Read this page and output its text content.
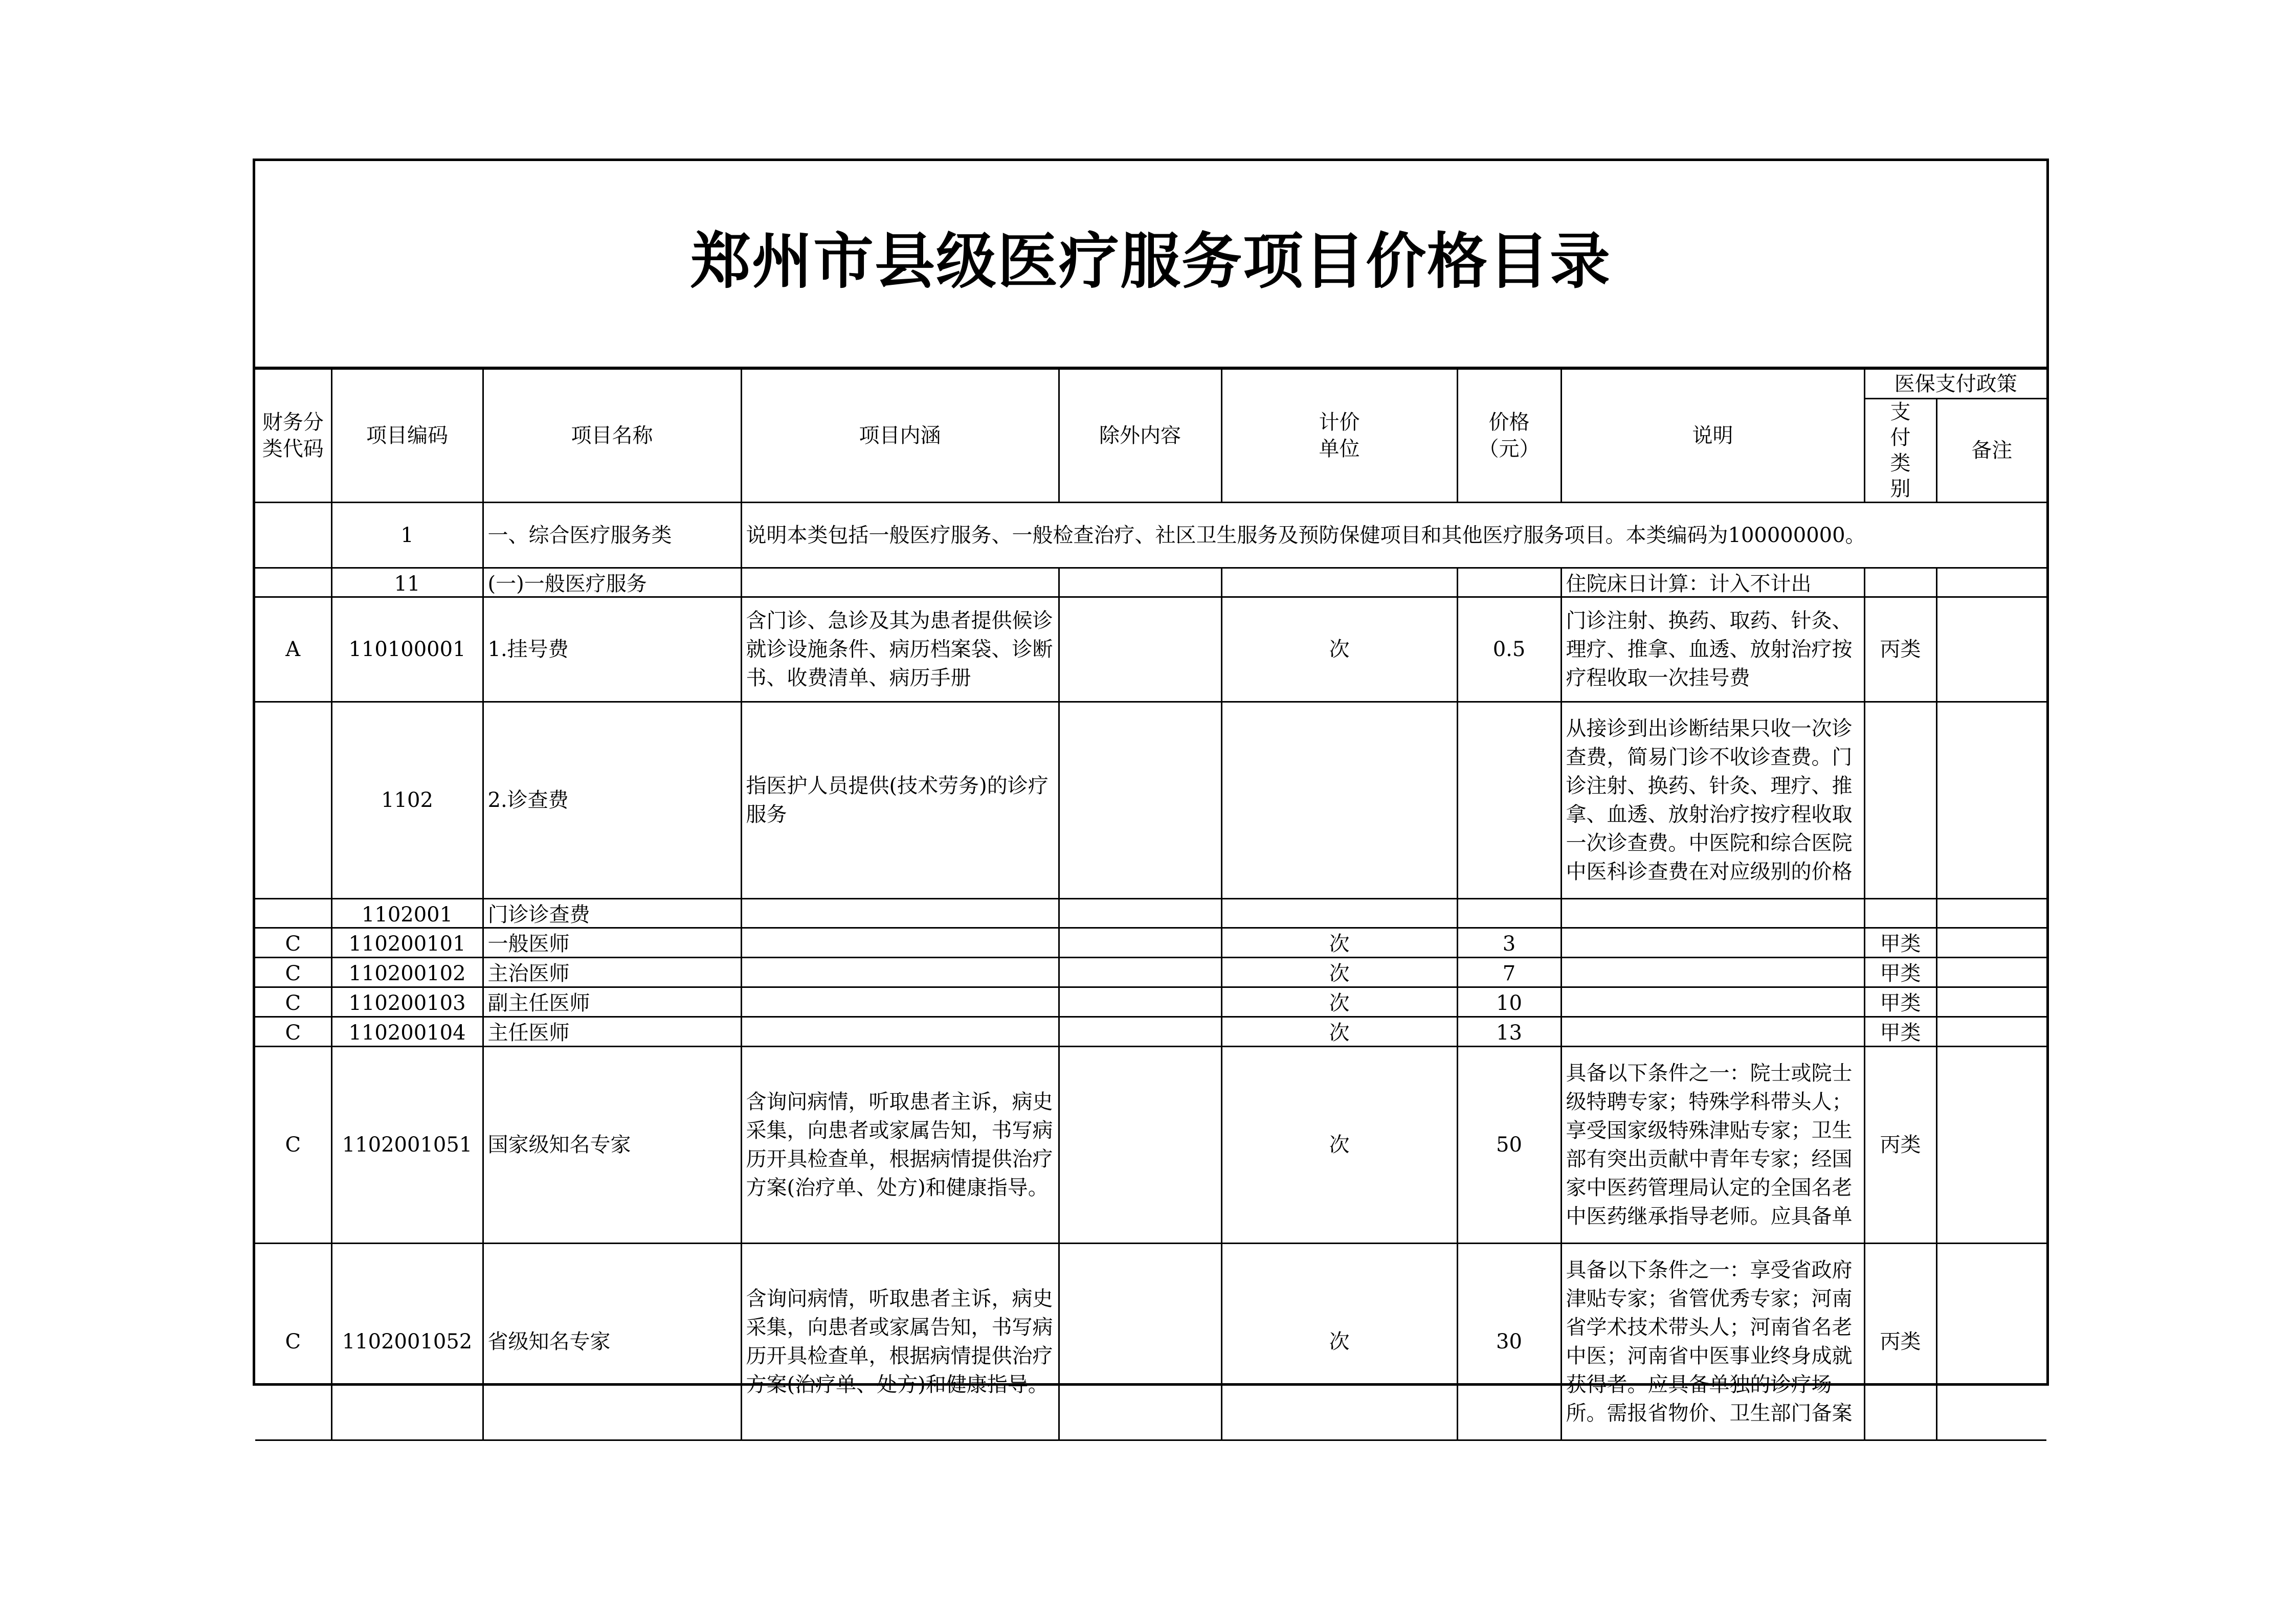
郑州市县级医疗服务项目价格目录
财务分类代码	项目编码	项目名称	项目内涵	除外内容	计价单位	价格（元）	说明	医保支付政策	
								支付类别	备注
	1	一、综合医疗服务类	说明本类包括一般医疗服务、一般检查治疗、社区卫生服务及预防保健项目和其他医疗服务项目。本类编码为100000000。						

	11	(一)一般医疗服务					住院床日计算：计入不计出		

A	110100001	1.挂号费	含门诊、急诊及其为患者提供候诊就诊设施条件、病历档案袋、诊断书、收费清单、病历手册		次	0.5	门诊注射、换药、取药、针灸、理疗、推拿、血透、放射治疗按疗程收取一次挂号费	丙类	

	1102	2.诊查费	指医护人员提供(技术劳务)的诊疗服务				从接诊到出诊断结果只收一次诊查费，简易门诊不收诊查费。门诊注射、换药、针灸、理疗、推拿、血透、放射治疗按疗程收取一次诊查费。中医院和综合医院中医科诊查费在对应级别的价格		

	1102001	门诊诊查费							

C	110200101	一般医师			次	3		甲类	

C	110200102	主治医师			次	7		甲类	

C	110200103	副主任医师			次	10		甲类	

C	110200104	主任医师			次	13		甲类	

C	1102001051	国家级知名专家	含询问病情，听取患者主诉，病史采集，向患者或家属告知，书写病历开具检查单，根据病情提供治疗方案(治疗单、处方)和健康指导。		次	50	具备以下条件之一：院士或院士级特聘专家；特殊学科带头人；享受国家级特殊津贴专家；卫生部有突出贡献中青年专家；经国家中医药管理局认定的全国名老中医药继承指导老师。应具备单	丙类	

C	1102001052	省级知名专家	含询问病情，听取患者主诉，病史采集，向患者或家属告知，书写病历开具检查单，根据病情提供治疗方案(治疗单、处方)和健康指导。		次	30	具备以下条件之一：享受省政府津贴专家；省管优秀专家；河南省学术技术带头人；河南省名老中医；河南省中医事业终身成就获得者。应具备单独的诊疗场所。需报省物价、卫生部门备案	丙类	
